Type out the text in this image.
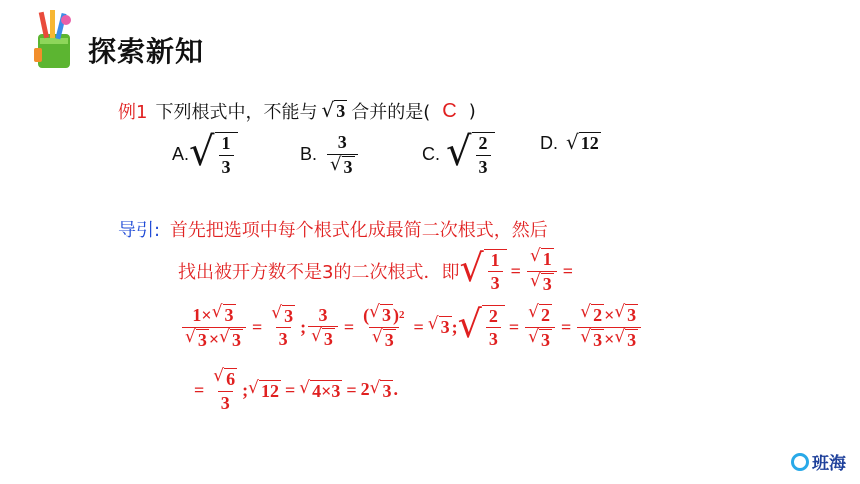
探索新知
例1 下列根式中，不能与 √ 3 合并的是( C )
A. √ $\frac{1}{3}$	B. $\frac{3}{√ 3}$	C. √ $\frac{2}{3}$	D. √ 12
导引: 首先把选项中每个根式化成最简二次根式，然后
找出被开方数不是3的二次根式．即 √ $\frac{1}{3} = \frac{√ 1}{√ 3}$ =
$\frac{1\times √ 3}{√ 3 \times √ 3} = \frac{√ 3}{3}$ ; $\frac{3}{√ 3} = \frac{( √ 3 ) 2}{√ 3}$ = √ 3 ; √ $\frac{2}{3} = \frac{√ 2}{√ 3} = \frac{√ 2 \times √ 3}{√ 3 \times √ 3}$
= $\frac{√ 6}{3}$ ; √ 12 = √ 4×3 = 2 √ 3 .
班海
